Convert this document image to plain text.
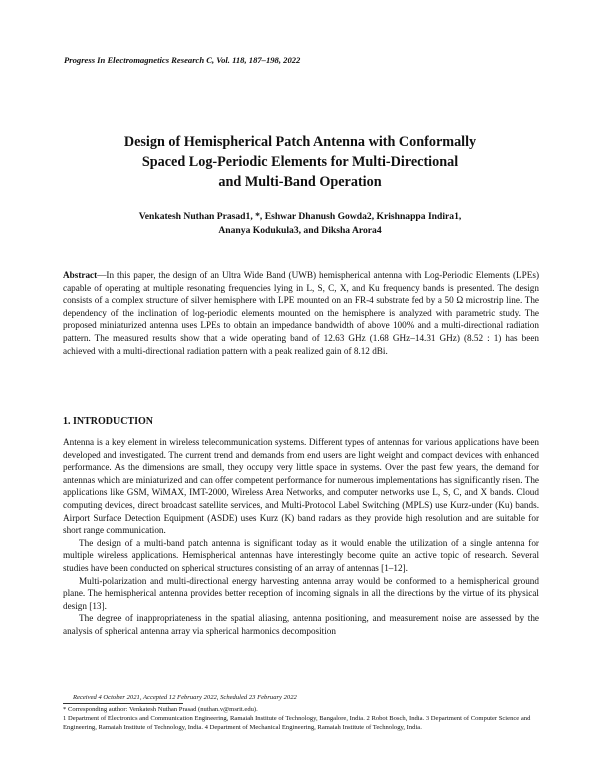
Progress In Electromagnetics Research C, Vol. 118, 187–198, 2022
Design of Hemispherical Patch Antenna with Conformally
Spaced Log-Periodic Elements for Multi-Directional
and Multi-Band Operation
Venkatesh Nuthan Prasad1, *, Eshwar Dhanush Gowda2, Krishnappa Indira1,
Ananya Kodukula3, and Diksha Arora4
Abstract—In this paper, the design of an Ultra Wide Band (UWB) hemispherical antenna with Log-Periodic Elements (LPEs) capable of operating at multiple resonating frequencies lying in L, S, C, X, and Ku frequency bands is presented. The design consists of a complex structure of silver hemisphere with LPE mounted on an FR-4 substrate fed by a 50 Ω microstrip line. The dependency of the inclination of log-periodic elements mounted on the hemisphere is analyzed with parametric study. The proposed miniaturized antenna uses LPEs to obtain an impedance bandwidth of above 100% and a multi-directional radiation pattern. The measured results show that a wide operating band of 12.63 GHz (1.68 GHz–14.31 GHz) (8.52 : 1) has been achieved with a multi-directional radiation pattern with a peak realized gain of 8.12 dBi.
1. INTRODUCTION

Antenna is a key element in wireless telecommunication systems. Different types of antennas for various applications have been developed and investigated. The current trend and demands from end users are light weight and compact devices with enhanced performance. As the dimensions are small, they occupy very little space in systems. Over the past few years, the demand for antennas which are miniaturized and can offer competent performance for numerous implementations has significantly risen. The applications like GSM, WiMAX, IMT-2000, Wireless Area Networks, and computer networks use L, S, C, and X bands. Cloud computing devices, direct broadcast satellite services, and Multi-Protocol Label Switching (MPLS) use Kurz-under (Ku) bands. Airport Surface Detection Equipment (ASDE) uses Kurz (K) band radars as they provide high resolution and are suitable for short range communication.

The design of a multi-band patch antenna is significant today as it would enable the utilization of a single antenna for multiple wireless applications. Hemispherical antennas have interestingly become quite an active topic of research. Several studies have been conducted on spherical structures consisting of an array of antennas [1–12].

Multi-polarization and multi-directional energy harvesting antenna array would be conformed to a hemispherical ground plane. The hemispherical antenna provides better reception of incoming signals in all the directions by the virtue of its physical design [13].

The degree of inappropriateness in the spatial aliasing, antenna positioning, and measurement noise are assessed by the analysis of spherical antenna array via spherical harmonics decomposition

Received 4 October 2021, Accepted 12 February 2022, Scheduled 23 February 2022
* Corresponding author: Venkatesh Nuthan Prasad (nuthan.v@msrit.edu).
1 Department of Electronics and Communication Engineering, Ramaiah Institute of Technology, Bangalore, India. 2 Robot Bosch, India. 3 Department of Computer Science and Engineering, Ramaiah Institute of Technology, India. 4 Department of Mechanical Engineering, Ramaiah Institute of Technology, India.
